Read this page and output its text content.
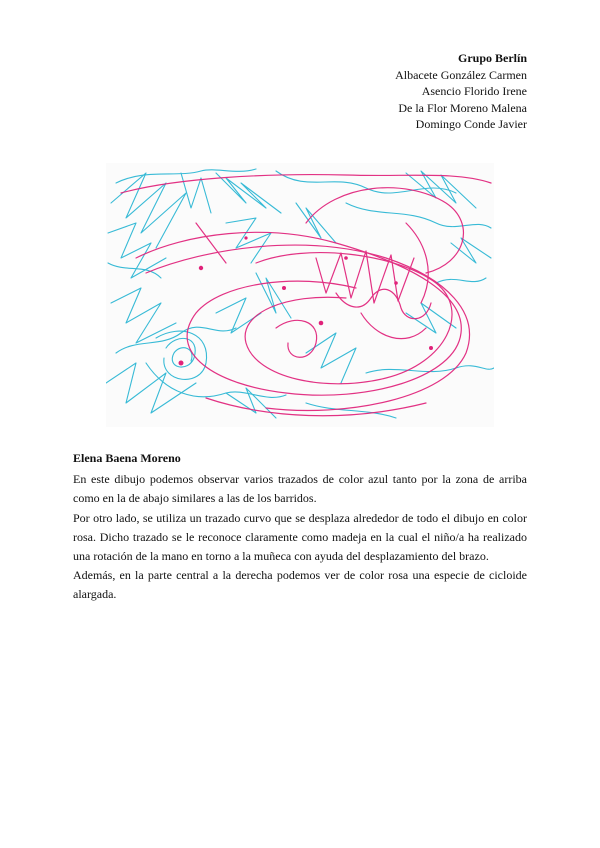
Grupo Berlín
Albacete González Carmen
Asencio Florido Irene
De la Flor Moreno Malena
Domingo Conde Javier
Elena Baena Moreno

En este dibujo podemos observar varios trazados de color azul tanto por la zona de arriba como en la de abajo similares a las de los barridos.

Por otro lado, se utiliza un trazado curvo que se desplaza alrededor de todo el dibujo en color rosa. Dicho trazado se le reconoce claramente como madeja en la cual el niño/a ha realizado una rotación de la mano en torno a la muñeca con ayuda del desplazamiento del brazo.

Además, en la parte central a la derecha podemos ver de color rosa una especie de cicloide alargada.
